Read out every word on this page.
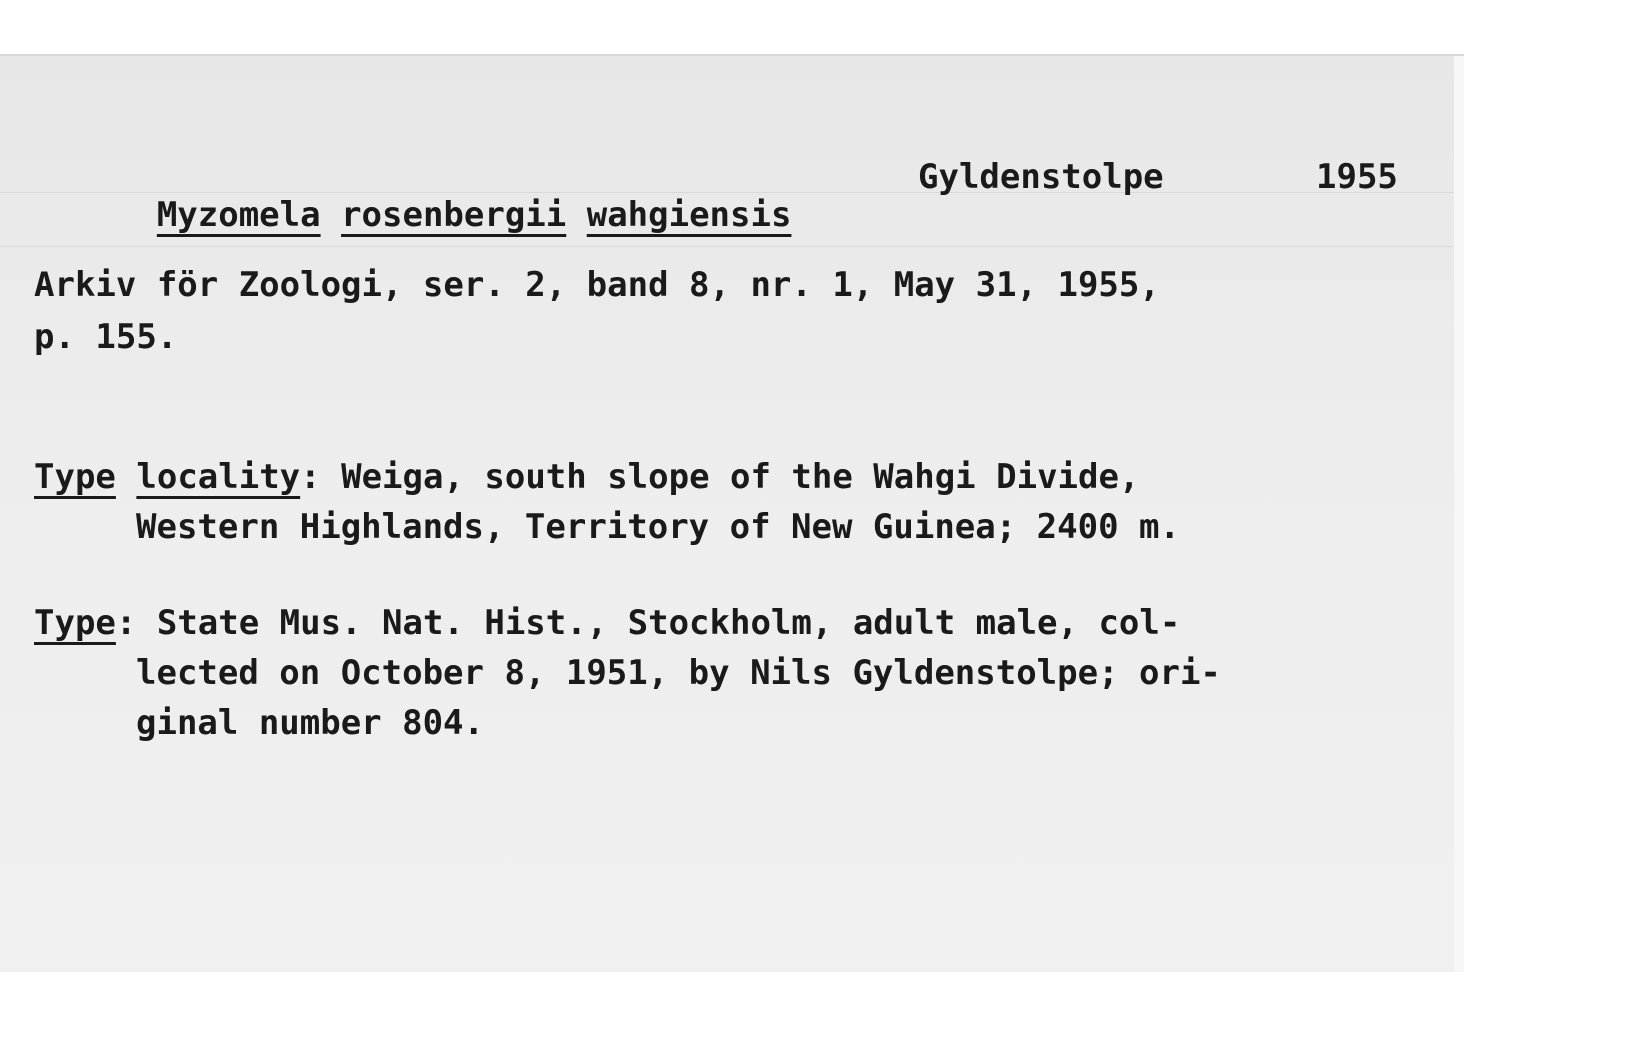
Myzomela rosenbergii wahgiensis

Gyldenstolpe	1955
Arkiv för Zoologi, ser. 2, band 8, nr. 1, May 31, 1955,
p. 155.
Type locality: Weiga, south slope of the Wahgi Divide,
Western Highlands, Territory of New Guinea; 2400 m.
Type: State Mus. Nat. Hist., Stockholm, adult male, col-
lected on October 8, 1951, by Nils Gyldenstolpe; ori-
ginal number 804.
